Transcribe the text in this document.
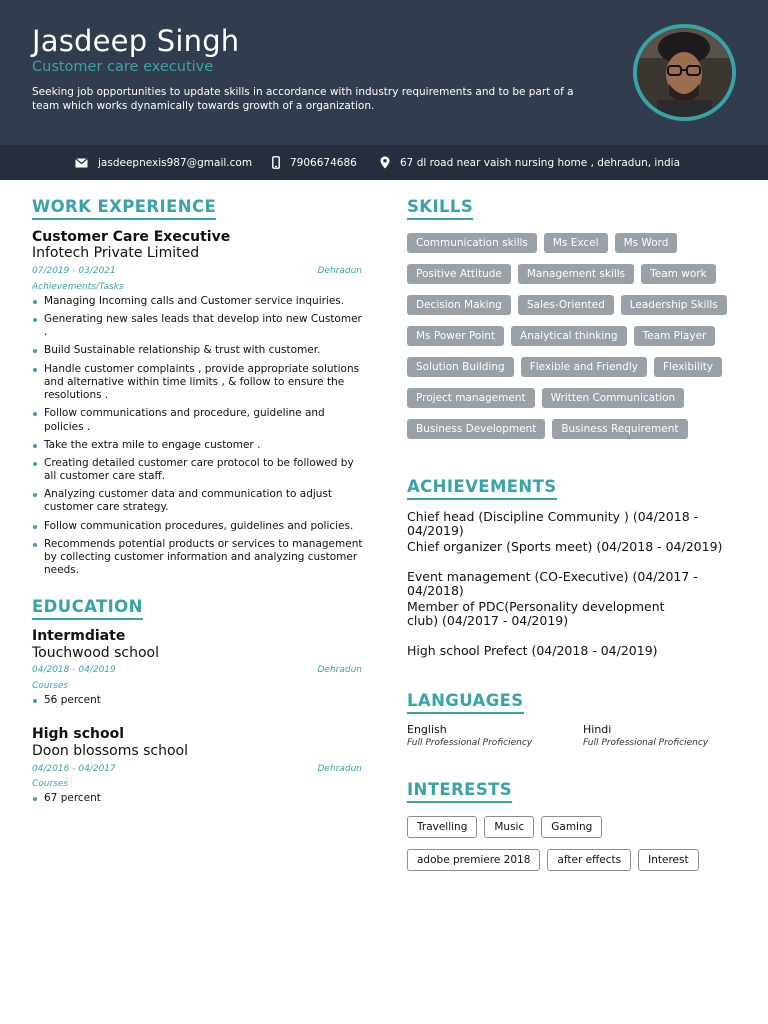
Jasdeep Singh
Customer care executive
Seeking job opportunities to update skills in accordance with industry requirements and to be part of a team which works dynamically towards growth of a organization.
jasdeepnexis987@gmail.com	7906674686	67 dl road near vaish nursing home , dehradun, india
WORK EXPERIENCE
Customer Care Executive
Infotech Private Limited
07/2019 - 03/2021	Dehradun
Achievements/Tasks
Managing Incoming calls and Customer service inquiries.
Generating new sales leads that develop into new Customer .
Build Sustainable relationship & trust with customer.
Handle customer complaints , provide appropriate solutions and alternative within time limits , & follow to ensure the resolutions .
Follow communications and procedure, guideline and policies .
Take the extra mile to engage customer .
Creating detailed customer care protocol to be followed by all customer care staff.
Analyzing customer data and communication to adjust customer care strategy.
Follow communication procedures, guidelines and policies.
Recommends potential products or services to management by collecting customer information and analyzing customer needs.
EDUCATION
Intermdiate
Touchwood school
04/2018 - 04/2019	Dehradun
Courses
56 percent
High school
Doon blossoms school
04/2016 - 04/2017	Dehradun
Courses
67 percent
SKILLS
Communication skills	Ms Excel	Ms Word
Positive Attitude	Management skills	Team work
Decision Making	Sales-Oriented	Leadership Skills
Ms Power Point	Analytical thinking	Team Player
Solution Building	Flexible and Friendly	Flexibility
Project management	Written Communication
Business Development	Business Requirement
ACHIEVEMENTS
Chief head (Discipline Community ) (04/2018 - 04/2019)
Chief organizer (Sports meet) (04/2018 - 04/2019)
Event management (CO-Executive) (04/2017 - 04/2018)
Member of PDC(Personality development club) (04/2017 - 04/2019)
High school Prefect (04/2018 - 04/2019)
LANGUAGES
English
Full Professional Proficiency
Hindi
Full Professional Proficiency
INTERESTS
Travelling	Music	Gaming
adobe premiere 2018	after effects	Interest
